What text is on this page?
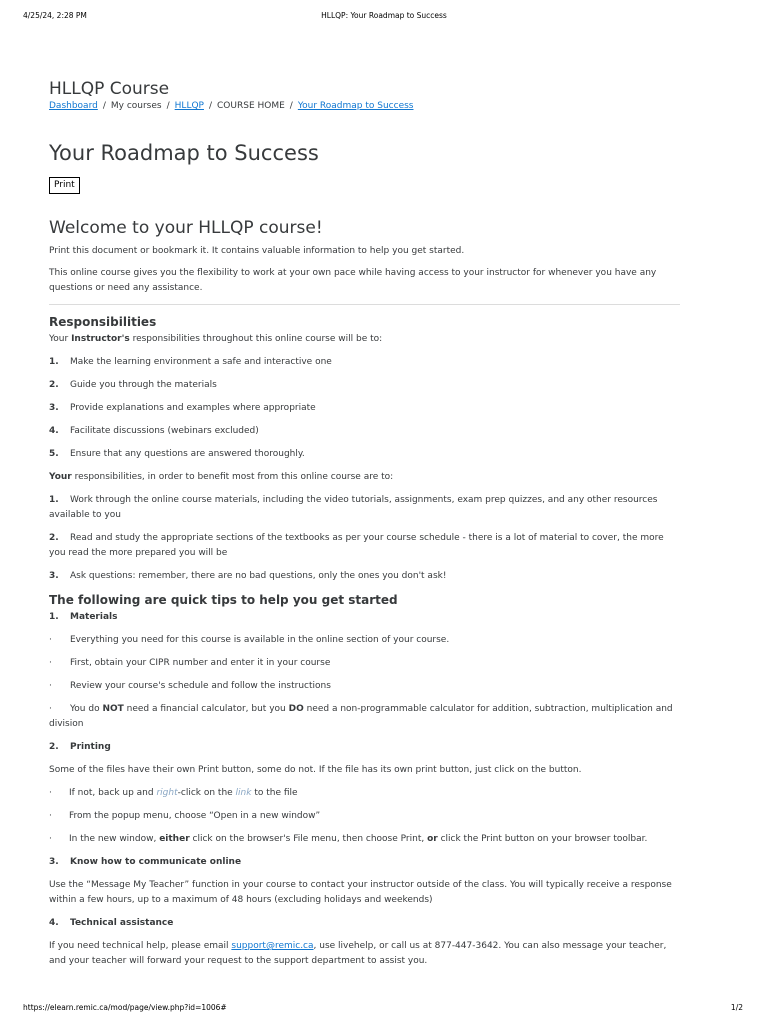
4/25/24, 2:28 PM	HLLQP: Your Roadmap to Success
HLLQP Course
Dashboard / My courses / HLLQP / COURSE HOME / Your Roadmap to Success
Your Roadmap to Success
Print
Welcome to your HLLQP course!

Print this document or bookmark it. It contains valuable information to help you get started.

This online course gives you the flexibility to work at your own pace while having access to your instructor for whenever you have any questions or need any assistance.

Responsibilities

Your Instructor's responsibilities throughout this online course will be to:

1. Make the learning environment a safe and interactive one

2. Guide you through the materials

3. Provide explanations and examples where appropriate

4. Facilitate discussions (webinars excluded)

5. Ensure that any questions are answered thoroughly.

Your responsibilities, in order to benefit most from this online course are to:

1. Work through the online course materials, including the video tutorials, assignments, exam prep quizzes, and any other resources available to you

2. Read and study the appropriate sections of the textbooks as per your course schedule - there is a lot of material to cover, the more you read the more prepared you will be

3. Ask questions: remember, there are no bad questions, only the ones you don't ask!

The following are quick tips to help you get started

1. Materials

· Everything you need for this course is available in the online section of your course.

· First, obtain your CIPR number and enter it in your course

· Review your course's schedule and follow the instructions

· You do NOT need a financial calculator, but you DO need a non-programmable calculator for addition, subtraction, multiplication and division

2. Printing

Some of the files have their own Print button, some do not. If the file has its own print button, just click on the button.

· If not, back up and right-click on the link to the file

· From the popup menu, choose “Open in a new window”

· In the new window, either click on the browser's File menu, then choose Print, or click the Print button on your browser toolbar.

3. Know how to communicate online

Use the “Message My Teacher” function in your course to contact your instructor outside of the class. You will typically receive a response within a few hours, up to a maximum of 48 hours (excluding holidays and weekends)

4. Technical assistance

If you need technical help, please email support@remic.ca, use livehelp, or call us at 877-447-3642. You can also message your teacher, and your teacher will forward your request to the support department to assist you.

https://elearn.remic.ca/mod/page/view.php?id=1006#	1/2
